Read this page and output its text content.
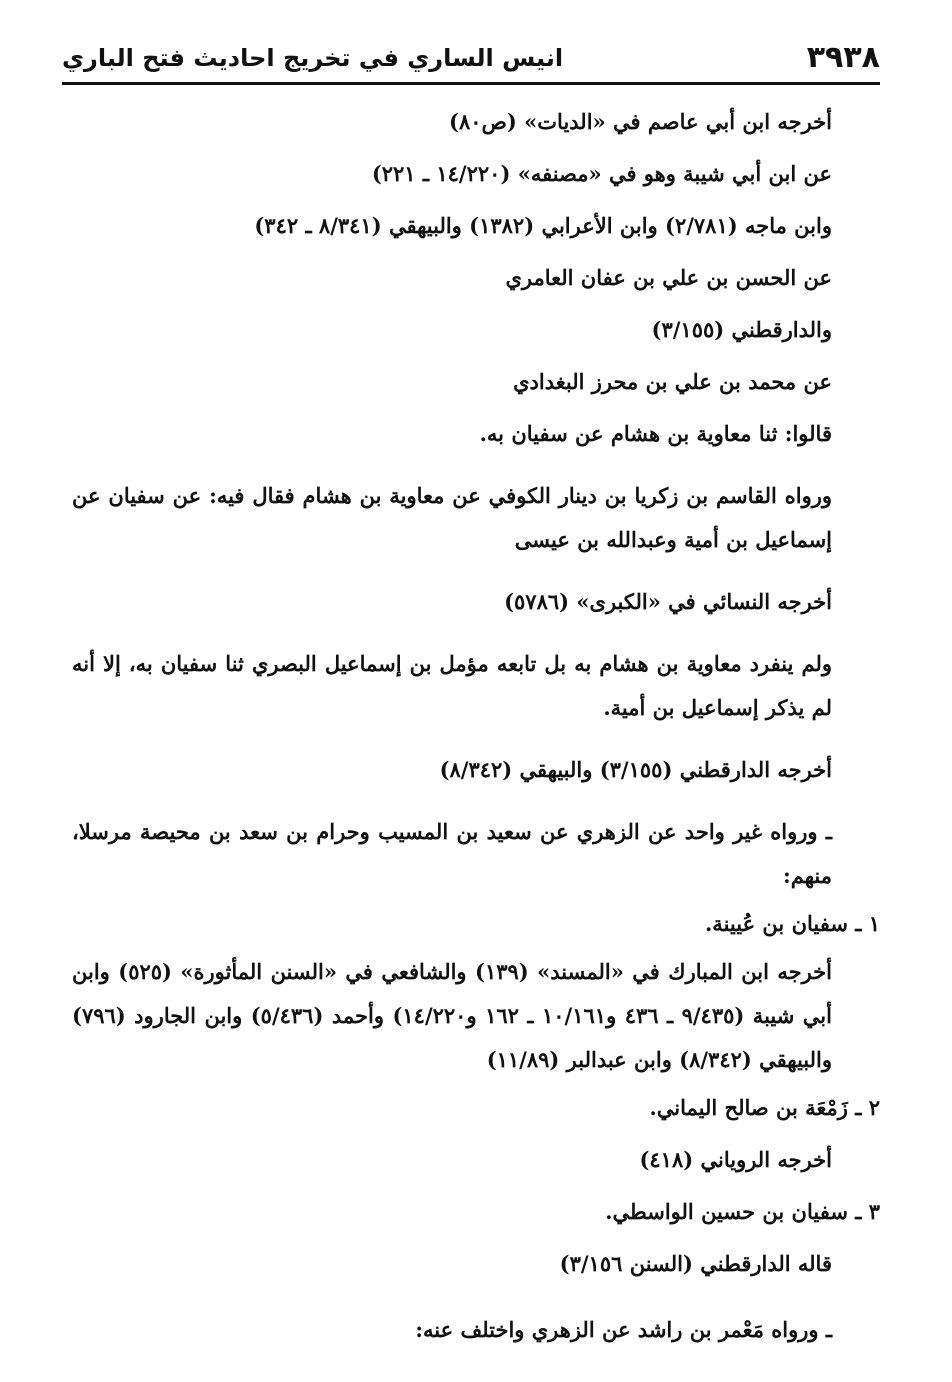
٣٩٣٨
انيس الساري في تخريج احاديث فتح الباري

أخرجه ابن أبي عاصم في «الديات» (ص٨٠)

عن ابن أبي شيبة وهو في «مصنفه» (١٤/٢٢٠ ـ ٢٢١)

وابن ماجه (٢/٧٨١) وابن الأعرابي (١٣٨٢) والبيهقي (٨/٣٤١ ـ ٣٤٢)

عن الحسن بن علي بن عفان العامري

والدارقطني (٣/١٥٥)

عن محمد بن علي بن محرز البغدادي

قالوا: ثنا معاوية بن هشام عن سفيان به.

ورواه القاسم بن زكريا بن دينار الكوفي عن معاوية بن هشام فقال فيه: عن سفيان عن إسماعيل بن أمية وعبدالله بن عيسى

أخرجه النسائي في «الكبرى» (٥٧٨٦)

ولم ينفرد معاوية بن هشام به بل تابعه مؤمل بن إسماعيل البصري ثنا سفيان به، إلا أنه لم يذكر إسماعيل بن أمية.

أخرجه الدارقطني (٣/١٥٥) والبيهقي (٨/٣٤٢)

ـ ورواه غير واحد عن الزهري عن سعيد بن المسيب وحرام بن سعد بن محيصة مرسلا، منهم:

١ ـ سفيان بن عُيينة.

أخرجه ابن المبارك في «المسند» (١٣٩) والشافعي في «السنن المأثورة» (٥٢٥) وابن أبي شيبة (٩/٤٣٥ ـ ٤٣٦ و١٠/١٦١ ـ ١٦٢ و١٤/٢٢٠) وأحمد (٥/٤٣٦) وابن الجارود (٧٩٦) والبيهقي (٨/٣٤٢) وابن عبدالبر (١١/٨٩)

٢ ـ زَمْعَة بن صالح اليماني.

أخرجه الروياني (٤١٨)

٣ ـ سفيان بن حسين الواسطي.

قاله الدارقطني (السنن ٣/١٥٦)

ـ ورواه مَعْمر بن راشد عن الزهري واختلف عنه:
